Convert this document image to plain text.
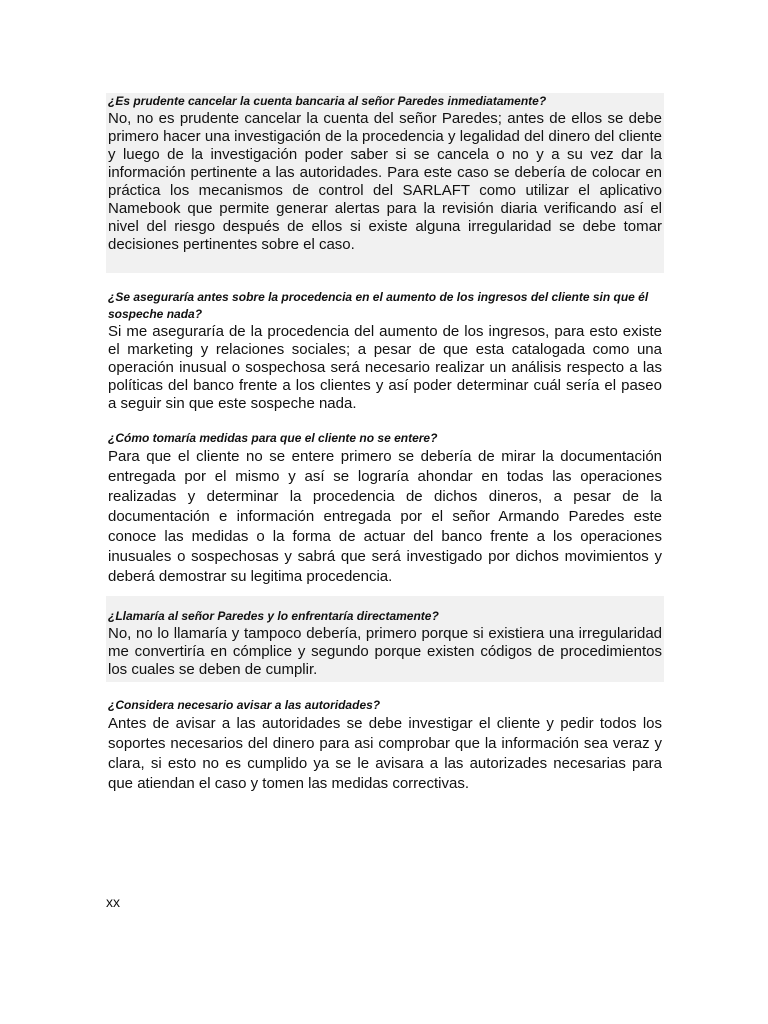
¿Es prudente cancelar la cuenta bancaria al señor Paredes inmediatamente?

No, no es prudente cancelar la cuenta del señor Paredes; antes de ellos se debe primero hacer una investigación de la procedencia y legalidad del dinero del cliente y luego de la investigación poder saber si se cancela o no y a su vez dar la información pertinente a las autoridades. Para este caso se debería de colocar en práctica los mecanismos de control del SARLAFT como utilizar el aplicativo Namebook que permite generar alertas para la revisión diaria verificando así el nivel del riesgo después de ellos si existe alguna irregularidad se debe tomar decisiones pertinentes sobre el caso.

¿Se aseguraría antes sobre la procedencia en el aumento de los ingresos del cliente sin que él sospeche nada?

Si me aseguraría de la procedencia del aumento de los ingresos, para esto existe el marketing y relaciones sociales; a pesar de que esta catalogada como una operación inusual o sospechosa será necesario realizar un análisis respecto a las políticas del banco frente a los clientes y así poder determinar cuál sería el paseo a seguir sin que este sospeche nada.

¿Cómo tomaría medidas para que el cliente no se entere?

Para que el cliente no se entere primero se debería de mirar la documentación entregada por el mismo y así se lograría ahondar en todas las operaciones realizadas y determinar la procedencia de dichos dineros, a pesar de la documentación e información entregada por el señor Armando Paredes este conoce las medidas o la forma de actuar del banco frente a los operaciones inusuales o sospechosas y sabrá que será investigado por dichos movimientos y deberá demostrar su legitima procedencia.

¿Llamaría al señor Paredes y lo enfrentaría directamente?

No, no lo llamaría y tampoco debería, primero porque si existiera una irregularidad me convertiría en cómplice y segundo porque existen códigos de procedimientos los cuales se deben de cumplir.

¿Considera necesario avisar a las autoridades?

Antes de avisar a las autoridades se debe investigar el cliente y pedir todos los soportes necesarios del dinero para asi comprobar que la información sea veraz y clara, si esto no es cumplido ya se le avisara a las autorizades necesarias para que atiendan el caso y tomen las medidas correctivas.

xx
